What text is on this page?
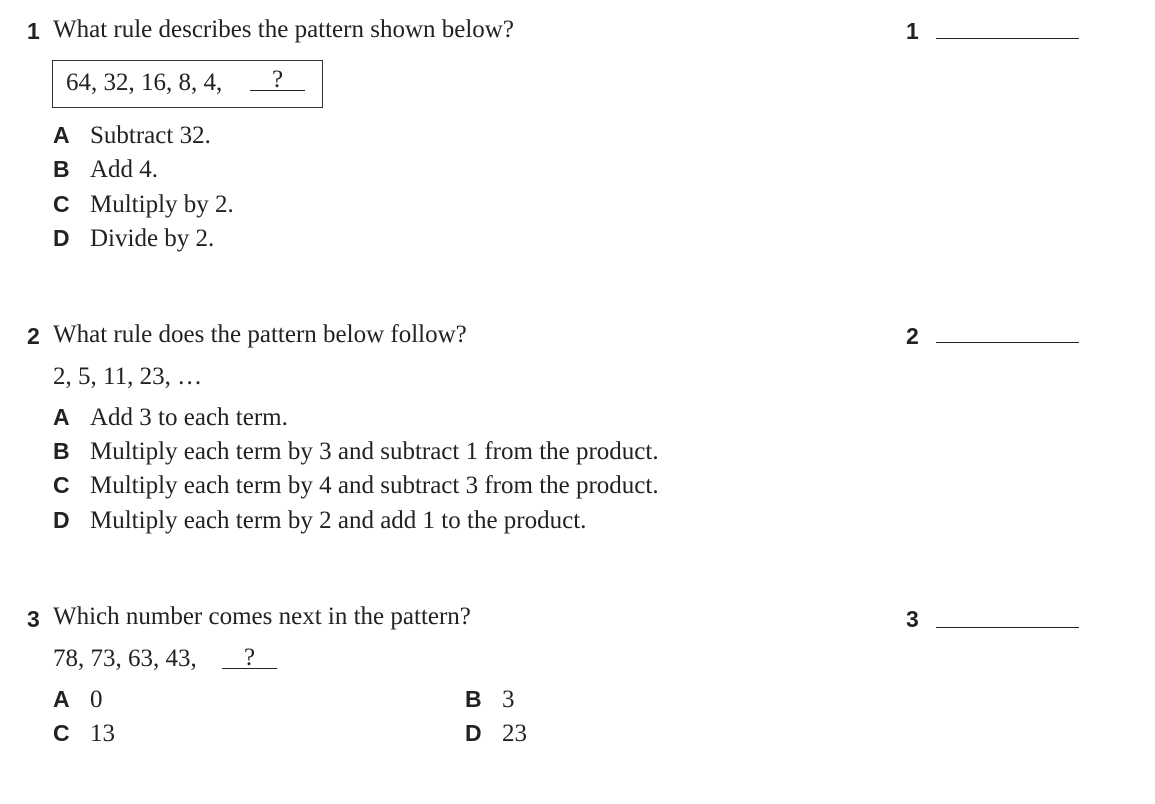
1 What rule describes the pattern shown below?	1
64, 32, 16, 8, 4,	?
A Subtract 32.
B Add 4.
C Multiply by 2.
D Divide by 2.
2 What rule does the pattern below follow?	2
2, 5, 11, 23, …
A Add 3 to each term.
B Multiply each term by 3 and subtract 1 from the product.
C Multiply each term by 4 and subtract 3 from the product.
D Multiply each term by 2 and add 1 to the product.
3 Which number comes next in the pattern?	3
78, 73, 63, 43,	?
A 0	B 3
C 13	D 23
